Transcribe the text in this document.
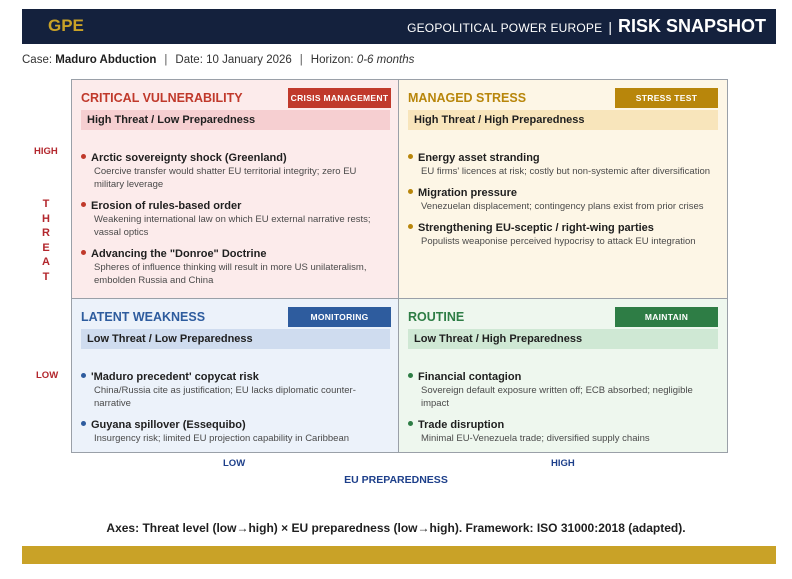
GPE	GEOPOLITICAL POWER EUROPE | RISK SNAPSHOT
Case: Maduro Abduction | Date: 10 January 2026 | Horizon: 0-6 months
HIGH
T
H
R
E
A
T
LOW
CRITICAL VULNERABILITY	CRISIS MANAGEMENT
High Threat / Low Preparedness
Arctic sovereignty shock (Greenland)
Coercive transfer would shatter EU territorial integrity; zero EU military leverage
Erosion of rules-based order
Weakening international law on which EU external narrative rests; vassal optics
Advancing the "Donroe" Doctrine
Spheres of influence thinking will result in more US unilateralism, embolden Russia and China
MANAGED STRESS	STRESS TEST
High Threat / High Preparedness
Energy asset stranding
EU firms' licences at risk; costly but non-systemic after diversification
Migration pressure
Venezuelan displacement; contingency plans exist from prior crises
Strengthening EU-sceptic / right-wing parties
Populists weaponise perceived hypocrisy to attack EU integration
LATENT WEAKNESS	MONITORING
Low Threat / Low Preparedness
'Maduro precedent' copycat risk
China/Russia cite as justification; EU lacks diplomatic counter-narrative
Guyana spillover (Essequibo)
Insurgency risk; limited EU projection capability in Caribbean
ROUTINE	MAINTAIN
Low Threat / High Preparedness
Financial contagion
Sovereign default exposure written off; ECB absorbed; negligible impact
Trade disruption
Minimal EU-Venezuela trade; diversified supply chains
LOW	HIGH
EU PREPAREDNESS
Axes: Threat level (low→high) × EU preparedness (low→high). Framework: ISO 31000:2018 (adapted).
